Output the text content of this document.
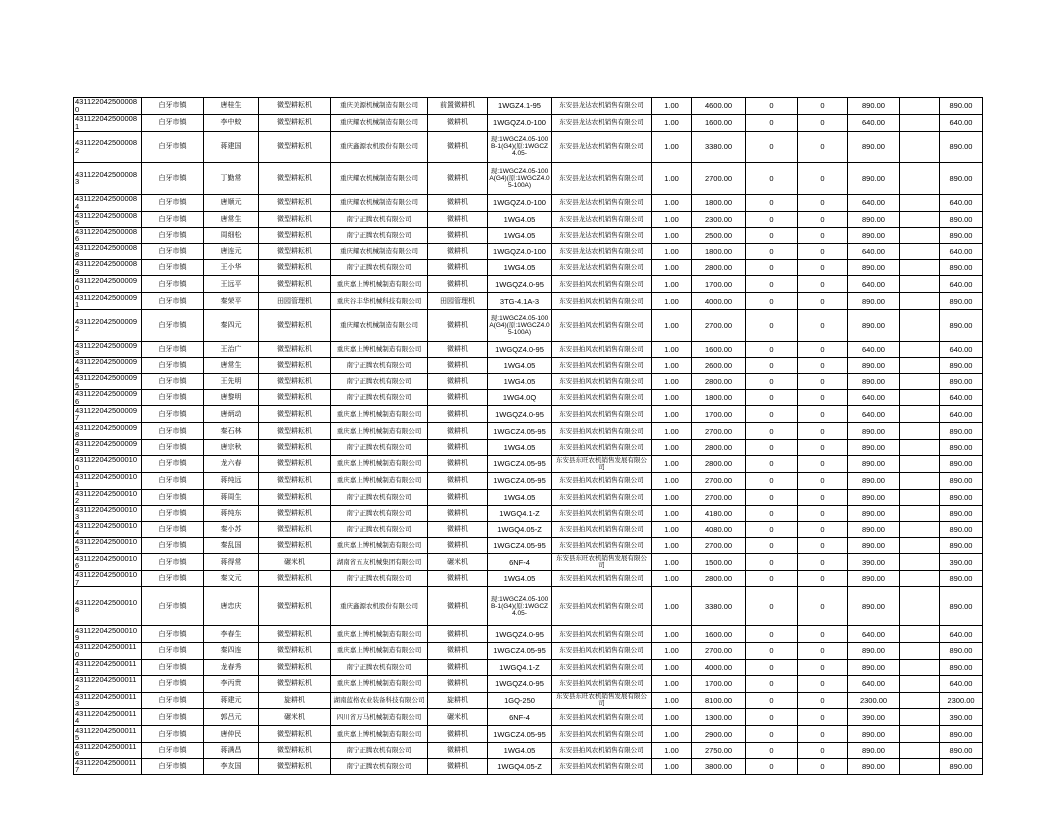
4311220425000080	白牙市镇	唐桂生	微型耕耘机	重庆美源机械制造有限公司	前置微耕机	1WGZ4.1-95	东安县龙达农机销售有限公司	1.00	4600.00	0	0	890.00		890.00
4311220425000081	白牙市镇	李中蛟	微型耕耘机	重庆耀农机械制造有限公司	微耕机	1WGQZ4.0-100	东安县龙达农机销售有限公司	1.00	1600.00	0	0	640.00		640.00
4311220425000082	白牙市镇	蒋建国	微型耕耘机	重庆鑫源农机股份有限公司	微耕机	现:1WGCZ4.05-100B-1(G4)(原:1WGCZ4.05-	东安县龙达农机销售有限公司	1.00	3380.00	0	0	890.00		890.00
4311220425000083	白牙市镇	丁勤常	微型耕耘机	重庆耀农机械制造有限公司	微耕机	现:1WGCZ4.05-100A(G4)(原:1WGCZ4.05-100A)	东安县龙达农机销售有限公司	1.00	2700.00	0	0	890.00		890.00
4311220425000084	白牙市镇	唐顺元	微型耕耘机	重庆耀农机械制造有限公司	微耕机	1WGQZ4.0-100	东安县龙达农机销售有限公司	1.00	1800.00	0	0	640.00		640.00
4311220425000085	白牙市镇	唐常生	微型耕耘机	南宁正腾农机有限公司	微耕机	1WG4.05	东安县龙达农机销售有限公司	1.00	2300.00	0	0	890.00		890.00
4311220425000086	白牙市镇	周细松	微型耕耘机	南宁正腾农机有限公司	微耕机	1WG4.05	东安县龙达农机销售有限公司	1.00	2500.00	0	0	890.00		890.00
4311220425000088	白牙市镇	唐连元	微型耕耘机	重庆耀农机械制造有限公司	微耕机	1WGQZ4.0-100	东安县龙达农机销售有限公司	1.00	1800.00	0	0	640.00		640.00
4311220425000089	白牙市镇	王小华	微型耕耘机	南宁正腾农机有限公司	微耕机	1WG4.05	东安县龙达农机销售有限公司	1.00	2800.00	0	0	890.00		890.00
4311220425000090	白牙市镇	王远平	微型耕耘机	重庆嘉上博机械制造有限公司	微耕机	1WGQZ4.0-95	东安县拍风农机销售有限公司	1.00	1700.00	0	0	640.00		640.00
4311220425000091	白牙市镇	秦荣平	田园管理机	重庆谷丰华机械科技有限公司	田园管理机	3TG-4.1A-3	东安县拍风农机销售有限公司	1.00	4000.00	0	0	890.00		890.00
4311220425000092	白牙市镇	秦四元	微型耕耘机	重庆耀农机械制造有限公司	微耕机	现:1WGCZ4.05-100A(G4)(原:1WGCZ4.05-100A)	东安县拍风农机销售有限公司	1.00	2700.00	0	0	890.00		890.00
4311220425000093	白牙市镇	王治广	微型耕耘机	重庆嘉上博机械制造有限公司	微耕机	1WGQZ4.0-95	东安县拍风农机销售有限公司	1.00	1600.00	0	0	640.00		640.00
4311220425000094	白牙市镇	唐常生	微型耕耘机	南宁正腾农机有限公司	微耕机	1WG4.05	东安县拍风农机销售有限公司	1.00	2600.00	0	0	890.00		890.00
4311220425000095	白牙市镇	王先明	微型耕耘机	南宁正腾农机有限公司	微耕机	1WG4.05	东安县拍风农机销售有限公司	1.00	2800.00	0	0	890.00		890.00
4311220425000096	白牙市镇	唐黎明	微型耕耘机	南宁正腾农机有限公司	微耕机	1WG4.0Q	东安县拍风农机销售有限公司	1.00	1800.00	0	0	640.00		640.00
4311220425000097	白牙市镇	唐炳动	微型耕耘机	重庆嘉上博机械制造有限公司	微耕机	1WGQZ4.0-95	东安县拍风农机销售有限公司	1.00	1700.00	0	0	640.00		640.00
4311220425000098	白牙市镇	秦石林	微型耕耘机	重庆嘉上博机械制造有限公司	微耕机	1WGCZ4.05-95	东安县拍风农机销售有限公司	1.00	2700.00	0	0	890.00		890.00
4311220425000099	白牙市镇	唐宗秋	微型耕耘机	南宁正腾农机有限公司	微耕机	1WG4.05	东安县拍风农机销售有限公司	1.00	2800.00	0	0	890.00		890.00
4311220425000100	白牙市镇	龙六春	微型耕耘机	重庆嘉上博机械制造有限公司	微耕机	1WGCZ4.05-95	东安县东旺农机销售发展有限公司	1.00	2800.00	0	0	890.00		890.00
4311220425000101	白牙市镇	蒋纯远	微型耕耘机	重庆嘉上博机械制造有限公司	微耕机	1WGCZ4.05-95	东安县拍风农机销售有限公司	1.00	2700.00	0	0	890.00		890.00
4311220425000102	白牙市镇	蒋周生	微型耕耘机	南宁正腾农机有限公司	微耕机	1WG4.05	东安县拍风农机销售有限公司	1.00	2700.00	0	0	890.00		890.00
4311220425000103	白牙市镇	蒋纯东	微型耕耘机	南宁正腾农机有限公司	微耕机	1WGQ4.1-Z	东安县拍风农机销售有限公司	1.00	4180.00	0	0	890.00		890.00
4311220425000104	白牙市镇	秦小苏	微型耕耘机	南宁正腾农机有限公司	微耕机	1WGQ4.05-Z	东安县拍风农机销售有限公司	1.00	4080.00	0	0	890.00		890.00
4311220425000105	白牙市镇	秦乱国	微型耕耘机	重庆嘉上博机械制造有限公司	微耕机	1WGCZ4.05-95	东安县拍风农机销售有限公司	1.00	2700.00	0	0	890.00		890.00
4311220425000106	白牙市镇	蒋得常	碾米机	湖南省五友机械集团有限公司	碾米机	6NF-4	东安县东旺农机销售发展有限公司	1.00	1500.00	0	0	390.00		390.00
4311220425000107	白牙市镇	秦文元	微型耕耘机	南宁正腾农机有限公司	微耕机	1WG4.05	东安县拍风农机销售有限公司	1.00	2800.00	0	0	890.00		890.00
4311220425000108	白牙市镇	唐忠庆	微型耕耘机	重庆鑫源农机股份有限公司	微耕机	现:1WGCZ4.05-100B-1(G4)(原:1WGCZ4.05-	东安县拍风农机销售有限公司	1.00	3380.00	0	0	890.00		890.00
4311220425000109	白牙市镇	李春生	微型耕耘机	重庆嘉上博机械制造有限公司	微耕机	1WGQZ4.0-95	东安县拍风农机销售有限公司	1.00	1600.00	0	0	640.00		640.00
4311220425000110	白牙市镇	秦四连	微型耕耘机	重庆嘉上博机械制造有限公司	微耕机	1WGCZ4.05-95	东安县拍风农机销售有限公司	1.00	2700.00	0	0	890.00		890.00
4311220425000111	白牙市镇	龙春秀	微型耕耘机	南宁正腾农机有限公司	微耕机	1WGQ4.1-Z	东安县拍风农机销售有限公司	1.00	4000.00	0	0	890.00		890.00
4311220425000112	白牙市镇	李丙贵	微型耕耘机	重庆嘉上博机械制造有限公司	微耕机	1WGQZ4.0-95	东安县拍风农机销售有限公司	1.00	1700.00	0	0	640.00		640.00
4311220425000113	白牙市镇	蒋建元	旋耕机	湖南蓝格农业装备科技有限公司	旋耕机	1GQ-250	东安县东旺农机销售发展有限公司	1.00	8100.00	0	0	2300.00		2300.00
4311220425000114	白牙市镇	郭吕元	碾米机	四川省万马机械制造有限公司	碾米机	6NF-4	东安县拍风农机销售有限公司	1.00	1300.00	0	0	390.00		390.00
4311220425000115	白牙市镇	唐仲民	微型耕耘机	重庆嘉上博机械制造有限公司	微耕机	1WGCZ4.05-95	东安县拍风农机销售有限公司	1.00	2900.00	0	0	890.00		890.00
4311220425000116	白牙市镇	蒋满昌	微型耕耘机	南宁正腾农机有限公司	微耕机	1WG4.05	东安县拍风农机销售有限公司	1.00	2750.00	0	0	890.00		890.00
4311220425000117	白牙市镇	李友国	微型耕耘机	南宁正腾农机有限公司	微耕机	1WGQ4.05-Z	东安县拍风农机销售有限公司	1.00	3800.00	0	0	890.00		890.00
